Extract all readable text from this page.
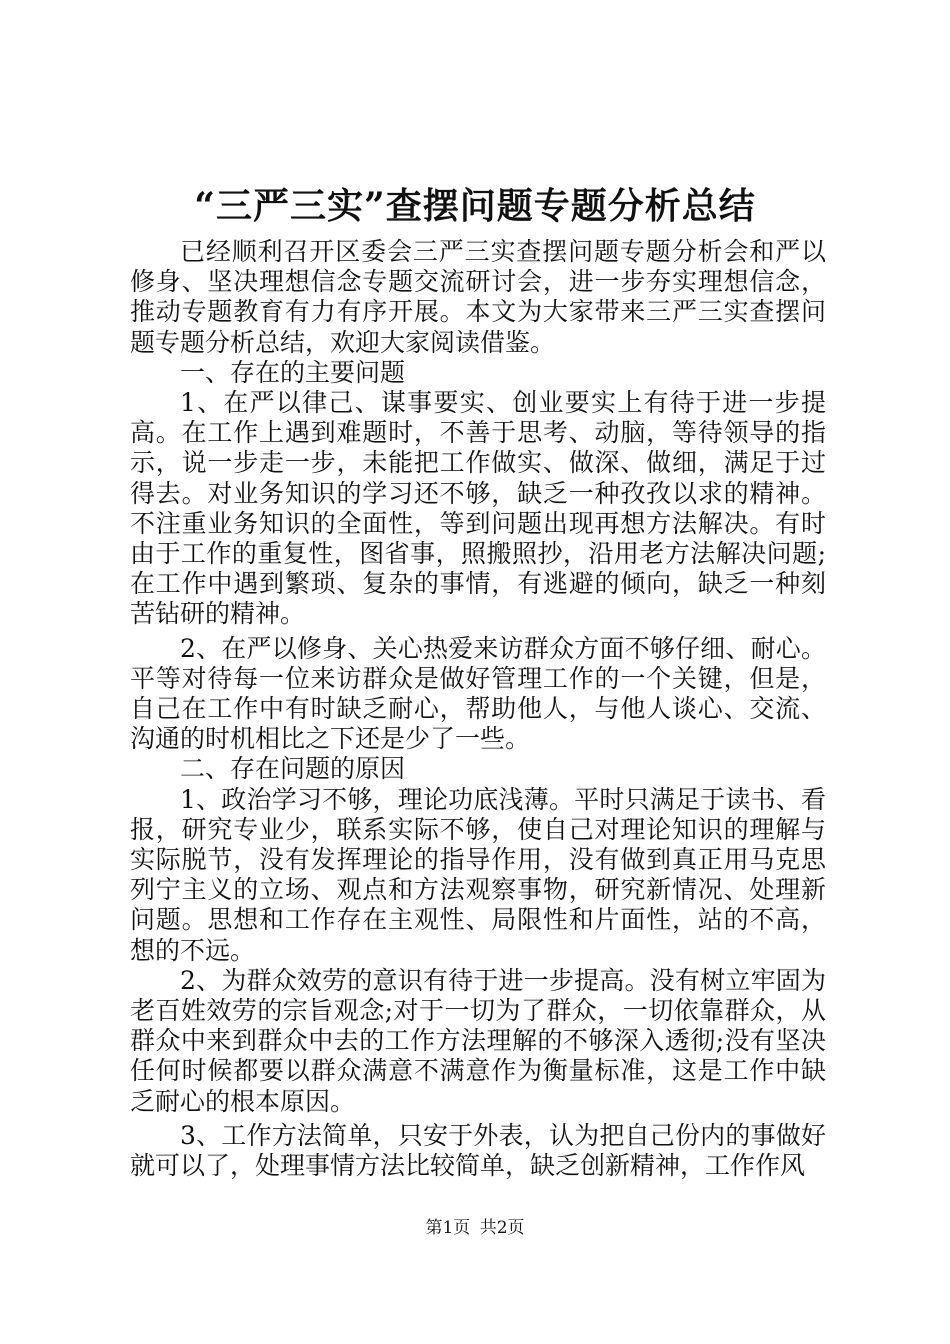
“三严三实”查摆问题专题分析总结

已经顺利召开区委会三严三实查摆问题专题分析会和严以修身、坚决理想信念专题交流研讨会，进一步夯实理想信念，推动专题教育有力有序开展。本文为大家带来三严三实查摆问题专题分析总结，欢迎大家阅读借鉴。

一、存在的主要问题

1、在严以律己、谋事要实、创业要实上有待于进一步提高。在工作上遇到难题时，不善于思考、动脑，等待领导的指示，说一步走一步，未能把工作做实、做深、做细，满足于过得去。对业务知识的学习还不够，缺乏一种孜孜以求的精神。不注重业务知识的全面性，等到问题出现再想方法解决。有时由于工作的重复性，图省事，照搬照抄，沿用老方法解决问题;在工作中遇到繁琐、复杂的事情，有逃避的倾向，缺乏一种刻苦钻研的精神。

2、在严以修身、关心热爱来访群众方面不够仔细、耐心。平等对待每一位来访群众是做好管理工作的一个关键，但是，自己在工作中有时缺乏耐心，帮助他人，与他人谈心、交流、沟通的时机相比之下还是少了一些。

二、存在问题的原因

1、政治学习不够，理论功底浅薄。平时只满足于读书、看报，研究专业少，联系实际不够，使自己对理论知识的理解与实际脱节，没有发挥理论的指导作用，没有做到真正用马克思列宁主义的立场、观点和方法观察事物，研究新情况、处理新问题。思想和工作存在主观性、局限性和片面性，站的不高，想的不远。

2、为群众效劳的意识有待于进一步提高。没有树立牢固为老百姓效劳的宗旨观念;对于一切为了群众，一切依靠群众，从群众中来到群众中去的工作方法理解的不够深入透彻;没有坚决任何时候都要以群众满意不满意作为衡量标准，这是工作中缺乏耐心的根本原因。

3、工作方法简单，只安于外表，认为把自己份内的事做好就可以了，处理事情方法比较简单，缺乏创新精神，工作作风

第1页 共2页
